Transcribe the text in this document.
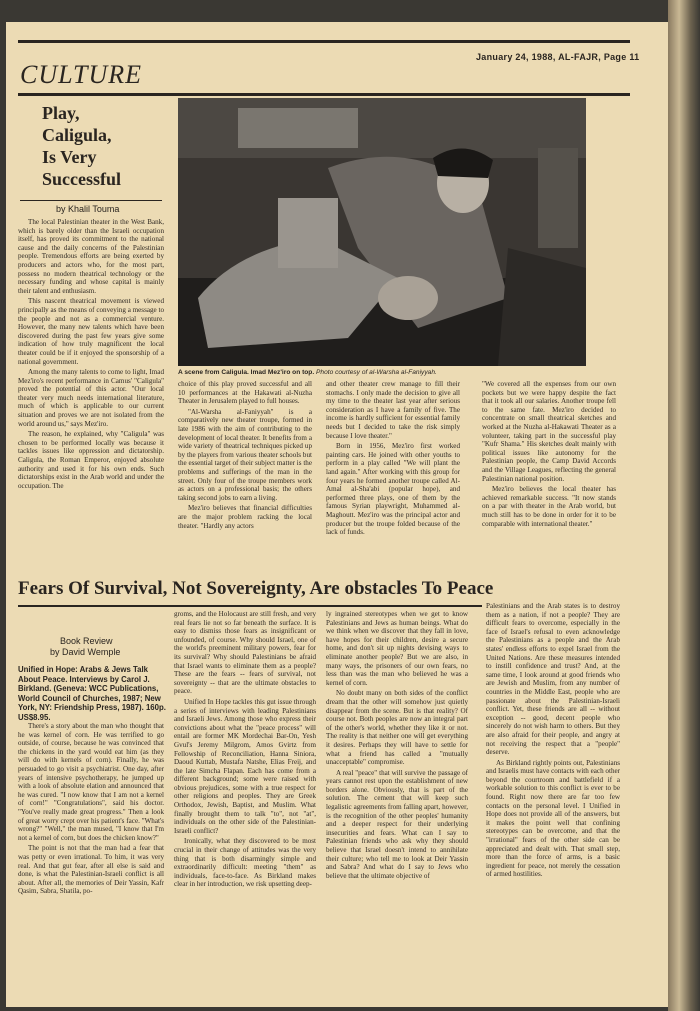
January 24, 1988, AL-FAJR, Page 11
CULTURE
Play,
Caligula,
Is Very
Successful
by Khalil Touma

The local Palestinian theater in the West Bank, which is barely older than the Israeli occupation itself, has proved its commitment to the national cause and the daily concerns of the Palestinian people. Tremendous efforts are being exerted by producers and actors who, for the most part, possess no modern theatrical technology or the necessary funding and whose capital is mainly their talent and enthusiasm.

This nascent theatrical movement is viewed principally as the means of conveying a message to the people and not as a commercial venture. However, the many new talents which have been discovered during the past few years give some indication of how truly magnificent the local theater could be if it enjoyed the sponsorship of a national government.

Among the many talents to come to light, Imad Mez'iro's recent performance in Camus' "Caligula" proved the potential of this actor. "Our local theater very much needs international literature, much of which is applicable to our current situation and proves we are not isolated from the world around us," says Mez'iro.

The reason, he explained, why "Caligula" was chosen to be performed locally was because it tackles issues like oppression and dictatorship. Caligula, the Roman Emperor, enjoyed absolute authority and used it for his own ends. Such dictatorships exist in the Arab world and under the occupation. The

A scene from Caligula. Imad Mez'iro on top. Photo courtesy of al-Warsha al-Faniyyah.

choice of this play proved successful and all 10 performances at the Hakawati al-Nuzha Theater in Jerusalem played to full houses.

"Al-Warsha al-Faniyyah" is a comparatively new theater troupe, formed in late 1986 with the aim of contributing to the development of local theater. It benefits from a wide variety of theatrical techniques picked up by the players from various theater schools but the essential target of their subject matter is the problems and sufferings of the man in the street. Only four of the troupe members work as actors on a professional basis; the others taking second jobs to earn a living.

Mez'iro believes that financial difficulties are the major problem racking the local theater. "Hardly any actors

and other theater crew manage to fill their stomachs. I only made the decision to give all my time to the theater last year after serious consideration as I have a family of five. The income is hardly sufficient for essential family needs but I decided to take the risk simply because I love theater."

Born in 1956, Mez'iro first worked painting cars. He joined with other youths to perform in a play called "We will plant the land again." After working with this group for four years he formed another troupe called Al-Amal al-Sha'abi (popular hope), and performed three plays, one of them by the famous Syrian playwright, Muhammed al-Maghoutt. Mez'iro was the principal actor and producer but the troupe folded because of the lack of funds.

"We covered all the expenses from our own pockets but we were happy despite the fact that it took all our salaries. Another troupe fell to the same fate. Mez'iro decided to concentrate on small theatrical sketches and worked at the Nuzha al-Hakawati Theater as a volunteer, taking part in the successful play "Kufr Shama." His sketches dealt mainly with political issues like autonomy for the Palestinian people, the Camp David Accords and the Village Leagues, reflecting the general Palestinian national position.

Mez'iro believes the local theater has achieved remarkable success. "It now stands on a par with theater in the Arab world, but much still has to be done in order for it to be comparable with international theater."

Fears Of Survival, Not Sovereignty, Are obstacles To Peace
Book Review
by David Wemple
Unified in Hope: Arabs & Jews Talk About Peace. Interviews by Carol J. Birkland. (Geneva: WCC Publications, World Council of Churches, 1987; New York, NY: Friendship Press, 1987). 160p. US$8.95.

There's a story about the man who thought that he was kernel of corn. He was terrified to go outside, of course, because he was convinced that the chickens in the yard would eat him (as they will do with kernels of corn). Finally, he was persuaded to go visit a psychiatrist. One day, after years of intensive psychotherapy, he jumped up with a look of absolute elation and announced that he was cured. "I now know that I am not a kernel of corn!" "Congratulations", said his doctor. "You've really made great progress." Then a look of great worry crept over his patient's face. "What's wrong?" "Well," the man mused, "I know that I'm not a kernel of corn, but does the chicken know?"

The point is not that the man had a fear that was petty or even irrational. To him, it was very real. And that gut fear, after all else is said and done, is what the Palestinian-Israeli conflict is all about. After all, the memories of Deir Yassin, Kafr Qasim, Sabra, Shatila, po-

groms, and the Holocaust are still fresh, and very real fears lie not so far beneath the surface. It is easy to dismiss those fears as insignificant or unfounded, of course. Why should Israel, one of the world's preeminent military powers, fear for its survival? Why should Palestinians be afraid that Israel wants to eliminate them as a people? These are the fears -- fears of survival, not sovereignty -- that are the ultimate obstacles to peace.

Unified In Hope tackles this gut issue through a series of interviews with leading Palestinians and Israeli Jews. Among those who express their convictions about what the "peace process" will entail are former MK Mordechai Bar-On, Yesh Gvul's Jeremy Milgrom, Amos Gvirtz from Fellowship of Reconciliation, Hanna Siniora, Daoud Kuttab, Mustafa Natshe, Elias Freij, and the late Simcha Flapan. Each has come from a different background; some were raised with obvious prejudices, some with a true respect for other religions and peoples. They are Greek Orthodox, Jewish, Baptist, and Muslim. What finally brought them to talk "to", not "at", individuals on the other side of the Palestinian-Israeli conflict?

Ironically, what they discovered to be most crucial in their change of attitudes was the very thing that is both disarmingly simple and extraordinarily difficult: meeting "them" as individuals, face-to-face. As Birkland makes clear in her introduction, we risk upsetting deep-

ly ingrained stereotypes when we get to know Palestinians and Jews as human beings. What do we think when we discover that they fall in love, have hopes for their children, desire a secure home, and don't sit up nights devising ways to eliminate another people? But we are also, in many ways, the prisoners of our own fears, no less than was the man who believed he was a kernel of corn.

No doubt many on both sides of the conflict dream that the other will somehow just quietly disappear from the scene. But is that reality? Of course not. Both peoples are now an integral part of the other's world, whether they like it or not. The reality is that neither one will get everything it desires. Perhaps they will have to settle for what a friend has called a "mutually unacceptable" compromise.

A real "peace" that will survive the passage of years cannot rest upon the establishment of new borders alone. Obviously, that is part of the solution. The cement that will keep such legalistic agreements from falling apart, however, is the recognition of the other peoples' humanity and a deeper respect for their underlying insecurities and fears. What can I say to Palestinian friends who ask why they should believe that Israel doesn't intend to annihilate their culture; who tell me to look at Deir Yassin and Sabra? And what do I say to Jews who believe that the ultimate objective of

Palestinians and the Arab states is to destroy them as a nation, if not a people? They are difficult fears to overcome, especially in the face of Israel's refusal to even acknowledge the Palestinians as a people and the Arab states' endless efforts to expel Israel from the United Nations. Are these measures intended to instill confidence and trust? And, at the same time, I look around at good friends who are Jewish and Muslim, from any number of countries in the Middle East, people who are passionate about the Palestinian-Israeli conflict. Yet, these friends are all -- without exception -- good, decent people who sincerely do not wish harm to others. But they are also afraid for their people, and angry at not receiving the respect that a "people" deserve.

As Birkland rightly points out, Palestinians and Israelis must have contacts with each other beyond the courtroom and battlefield if a workable solution to this conflict is ever to be found. Right now there are far too few contacts on the personal level. I Unified in Hope does not provide all of the answers, but it makes the point well that confining stereotypes can be overcome, and that the "irrational" fears of the other side can be appreciated and dealt with. That small step, more than the force of arms, is a basic ingredient for peace, not merely the cessation of armed hostilities.
